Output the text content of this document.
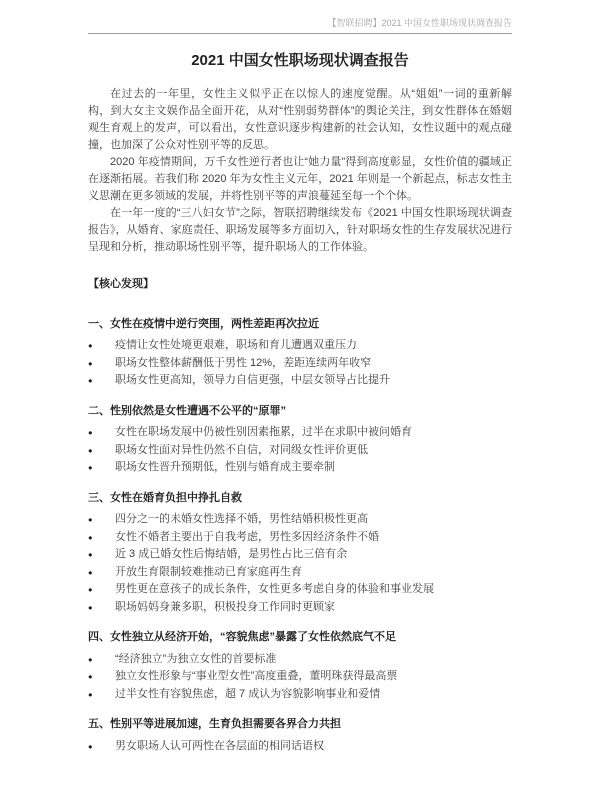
【智联招聘】2021 中国女性职场现状调查报告
2021 中国女性职场现状调查报告

在过去的一年里，女性主义似乎正在以惊人的速度觉醒。从“姐姐”一词的重新解构，到大女主文娱作品全面开花，从对“性别弱势群体”的舆论关注，到女性群体在婚姻观生育观上的发声，可以看出，女性意识逐步构建新的社会认知，女性议题中的观点碰撞，也加深了公众对性别平等的反思。

2020 年疫情期间，万千女性逆行者也让“她力量”得到高度彰显，女性价值的疆域正在逐渐拓展。若我们称 2020 年为女性主义元年，2021 年则是一个新起点，标志女性主义思潮在更多领域的发展，并将性别平等的声浪蔓延至每一个个体。

在一年一度的“三八妇女节”之际，智联招聘继续发布《2021 中国女性职场现状调查报告》，从婚育、家庭责任、职场发展等多方面切入，针对职场女性的生存发展状况进行呈现和分析，推动职场性别平等，提升职场人的工作体验。

【核心发现】
一、女性在疫情中逆行突围，两性差距再次拉近
●	疫情让女性处境更艰难，职场和育儿遭遇双重压力
●	职场女性整体薪酬低于男性 12%，差距连续两年收窄
●	职场女性更高知，领导力自信更强，中层女领导占比提升
二、性别依然是女性遭遇不公平的“原罪”
●	女性在职场发展中仍被性别因素拖累，过半在求职中被问婚育
●	职场女性面对异性仍然不自信，对同级女性评价更低
●	职场女性晋升预期低，性别与婚育成主要牵制
三、女性在婚育负担中挣扎自救
●	四分之一的未婚女性选择不婚，男性结婚积极性更高
●	女性不婚者主要出于自我考虑，男性多因经济条件不婚
●	近 3 成已婚女性后悔结婚，是男性占比三倍有余
●	开放生育限制较难推动已育家庭再生育
●	男性更在意孩子的成长条件，女性更多考虑自身的体验和事业发展
●	职场妈妈身兼多职，积极投身工作同时更顾家
四、女性独立从经济开始，“容貌焦虑”暴露了女性依然底气不足
●	“经济独立”为独立女性的首要标准
●	独立女性形象与“事业型女性”高度重叠，董明珠获得最高票
●	过半女性有容貌焦虑，超 7 成认为容貌影响事业和爱情
五、性别平等进展加速，生育负担需要各界合力共担
●	男女职场人认可两性在各层面的相同话语权
